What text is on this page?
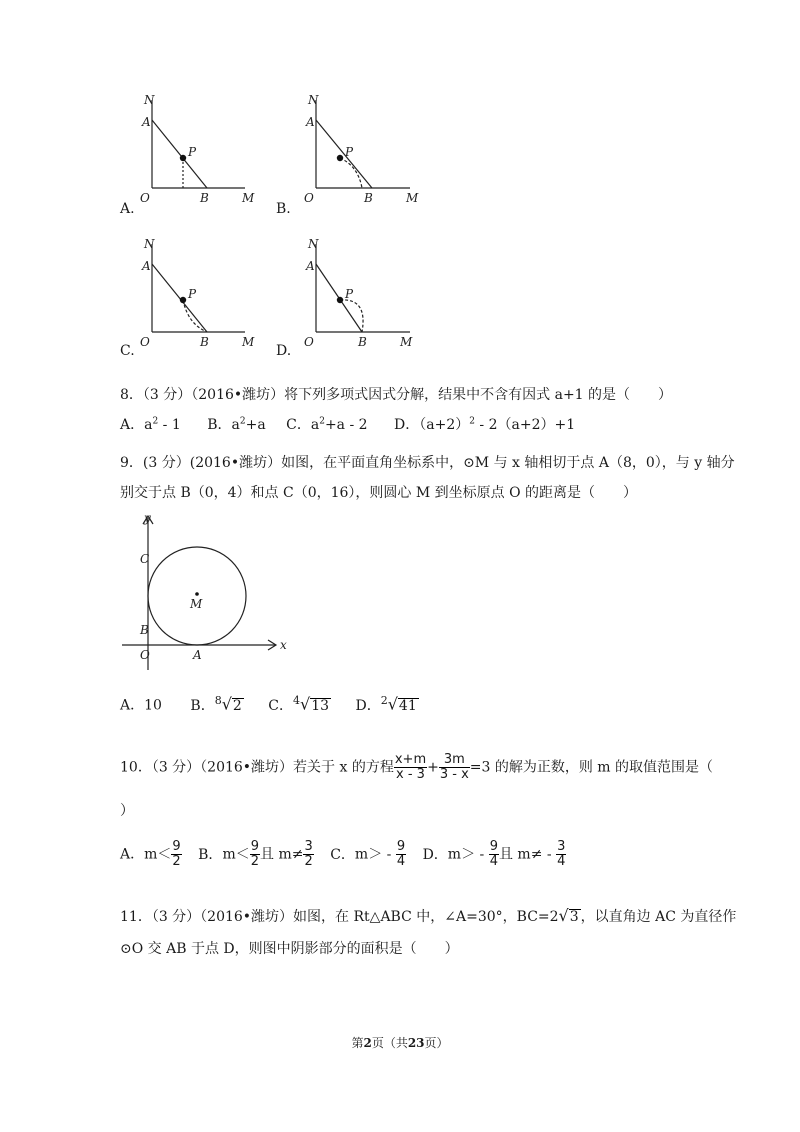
N
A
P
O	B	M
N
A
P
O	B	M
N
A
P
O	B	M
N
A
P
O	B	M
A.	B.
C.	D.
8．（3 分）（2016•潍坊）将下列多项式因式分解，结果中不含有因式 a+1 的是（　　）
A．$a^2 - 1$ B．$a^2+a$ C．$a^2+a - 2$ D．$(a+2)^2 - 2(a+2)+1$
9．(3 分）(2016•潍坊）如图，在平面直角坐标系中，⊙M 与 x 轴相切于点 A（8，0），与 y 轴分
别交于点 B（0，4）和点 C（0，16），则圆心 M 到坐标原点 O 的距离是（　　）
y
x
C
B
O	A
M
A．10 B．$^8$√2 C．$^4$√13 D．$^2$√41
10．（3 分）（2016•潍坊）若关于 x 的方程 $\frac{x+m}{x - 3} + \frac{3m}{3 - x} =3$ 的解为正数，则 m 的取值范围是（
）
A．$m< \frac{9}{2}$ B．$m< \frac{9}{2}$ 且 $m\ne \frac{3}{2}$ C．$m> - \frac{9}{4}$ D．$m> - \frac{9}{4}$ 且 $m\ne - \frac{3}{4}$
11．（3 分）（2016•潍坊）如图，在 Rt△ABC 中，∠A=30°，BC=2√3 ，以直角边 AC 为直径作
⊙O 交 AB 于点 D，则图中阴影部分的面积是（　　）
第2页（共23页）
